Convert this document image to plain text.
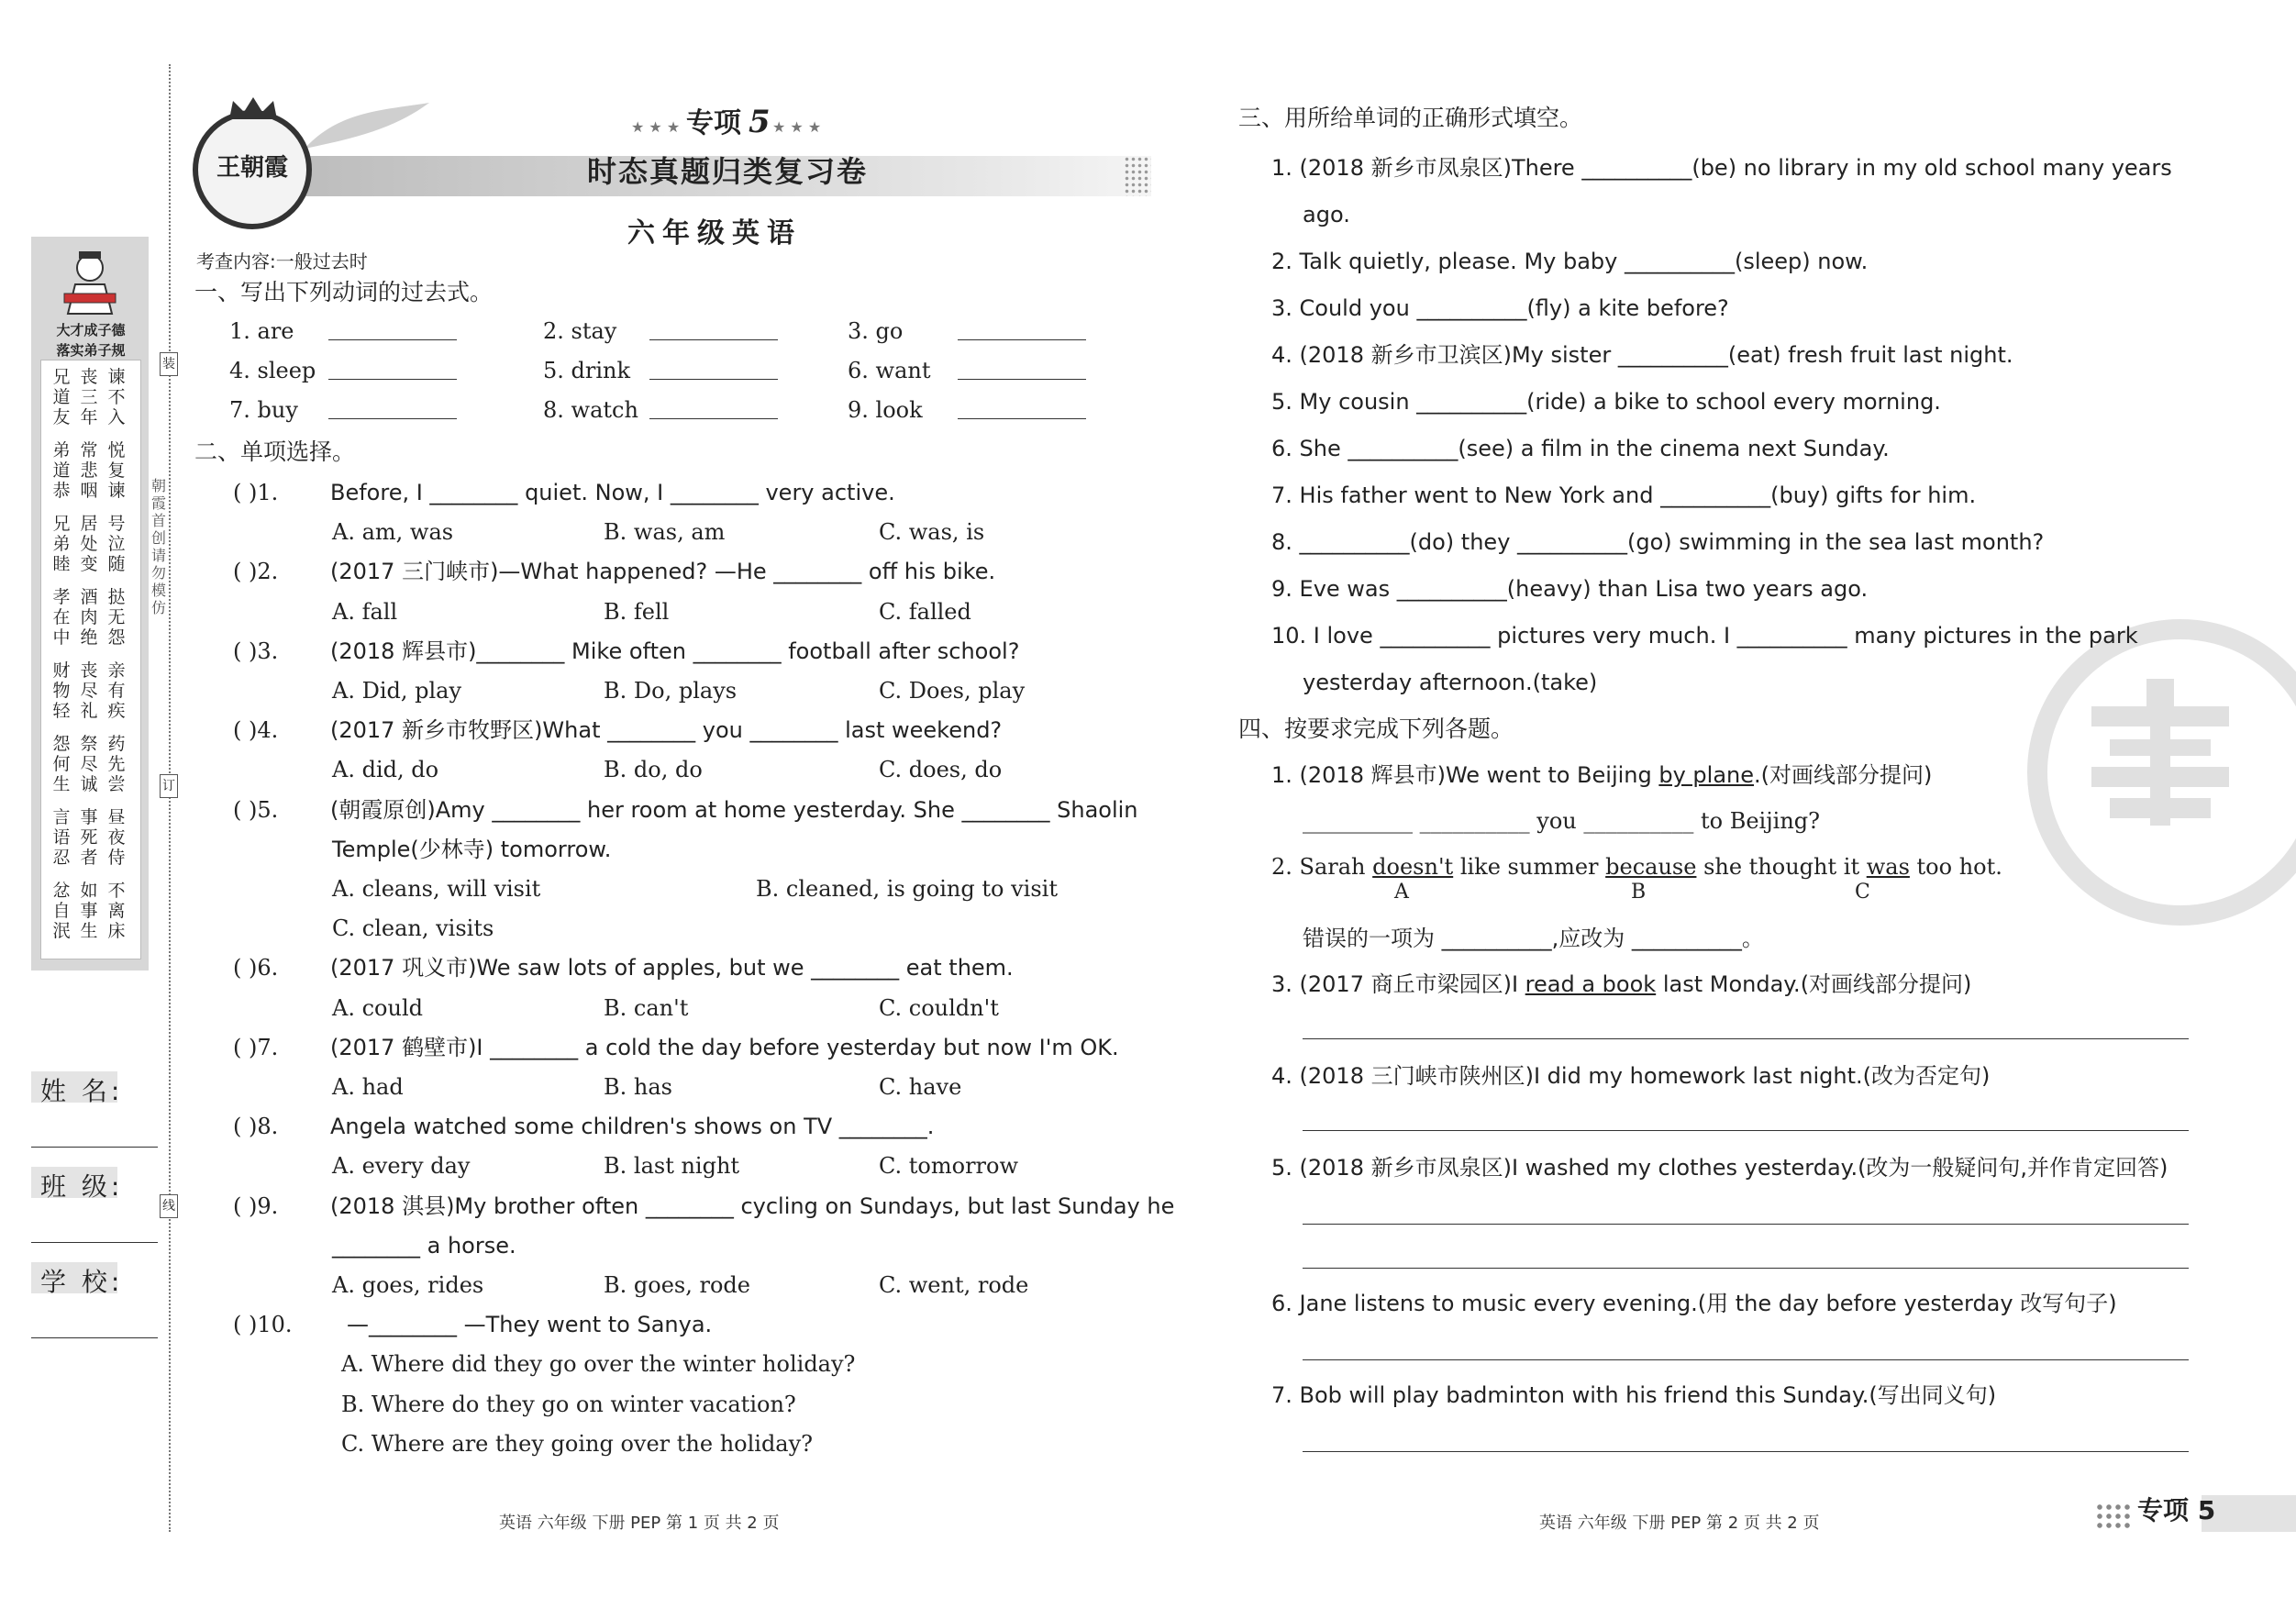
装
订
线
朝霞首创 请勿模仿
大才成子德
落实弟子规
兄道友
丧三年
谏不入
弟道恭
常悲咽
悦复谏
兄弟睦
居处变
号泣随
孝在中
酒肉绝
挞无怨
财物轻
丧尽礼
亲有疾
怨何生
祭尽诚
药先尝
言语忍
事死者
昼夜侍
忿自泯
如事生
不离床
姓 名:
班 级:
学 校:
王朝霞
★ ★ ★ 专项 5 ★ ★ ★
时态真题归类复习卷
六年级英语
考查内容:一般过去时
一、写出下列动词的过去式。
1. are	2. stay	3. go
4. sleep	5. drink	6. want
7. buy	8. watch	9. look
二、单项选择。
( )1. Before, I ________ quiet. Now, I ________ very active.
A. am, was	B. was, am	C. was, is
( )2. (2017 三门峡市)—What happened? —He ________ off his bike.
A. fall	B. fell	C. falled
( )3. (2018 辉县市)________ Mike often ________ football after school?
A. Did, play	B. Do, plays	C. Does, play
( )4. (2017 新乡市牧野区)What ________ you ________ last weekend?
A. did, do	B. do, do	C. does, do
( )5. (朝霞原创)Amy ________ her room at home yesterday. She ________ Shaolin
Temple(少林寺) tomorrow.
A. cleans, will visit	B. cleaned, is going to visit
C. clean, visits
( )6. (2017 巩义市)We saw lots of apples, but we ________ eat them.
A. could	B. can't	C. couldn't
( )7. (2017 鹤壁市)I ________ a cold the day before yesterday but now I'm OK.
A. had	B. has	C. have
( )8. Angela watched some children's shows on TV ________.
A. every day	B. last night	C. tomorrow
( )9. (2018 淇县)My brother often ________ cycling on Sundays, but last Sunday he
________ a horse.
A. goes, rides	B. goes, rode	C. went, rode
( )10. —________ —They went to Sanya.
A. Where did they go over the winter holiday?
B. Where do they go on winter vacation?
C. Where are they going over the holiday?
三、用所给单词的正确形式填空。
1. (2018 新乡市凤泉区)There __________(be) no library in my old school many years
ago.
2. Talk quietly, please. My baby __________(sleep) now.
3. Could you __________(fly) a kite before?
4. (2018 新乡市卫滨区)My sister __________(eat) fresh fruit last night.
5. My cousin __________(ride) a bike to school every morning.
6. She __________(see) a film in the cinema next Sunday.
7. His father went to New York and __________(buy) gifts for him.
8. __________(do) they __________(go) swimming in the sea last month?
9. Eve was __________(heavy) than Lisa two years ago.
10. I love __________ pictures very much. I __________ many pictures in the park
yesterday afternoon.(take)
四、按要求完成下列各题。
1. (2018 辉县市)We went to Beijing by plane.(对画线部分提问)
__________ __________ you __________ to Beijing?
2. Sarah doesn't like summer because she thought it was too hot.
A	B	C
错误的一项为 __________,应改为 __________。
3. (2017 商丘市梁园区)I read a book last Monday.(对画线部分提问)
4. (2018 三门峡市陕州区)I did my homework last night.(改为否定句)
5. (2018 新乡市凤泉区)I washed my clothes yesterday.(改为一般疑问句,并作肯定回答)
6. Jane listens to music every evening.(用 the day before yesterday 改写句子)
7. Bob will play badminton with his friend this Sunday.(写出同义句)
英语 六年级 下册 PEP 第 1 页 共 2 页	英语 六年级 下册 PEP 第 2 页 共 2 页	专项 5
